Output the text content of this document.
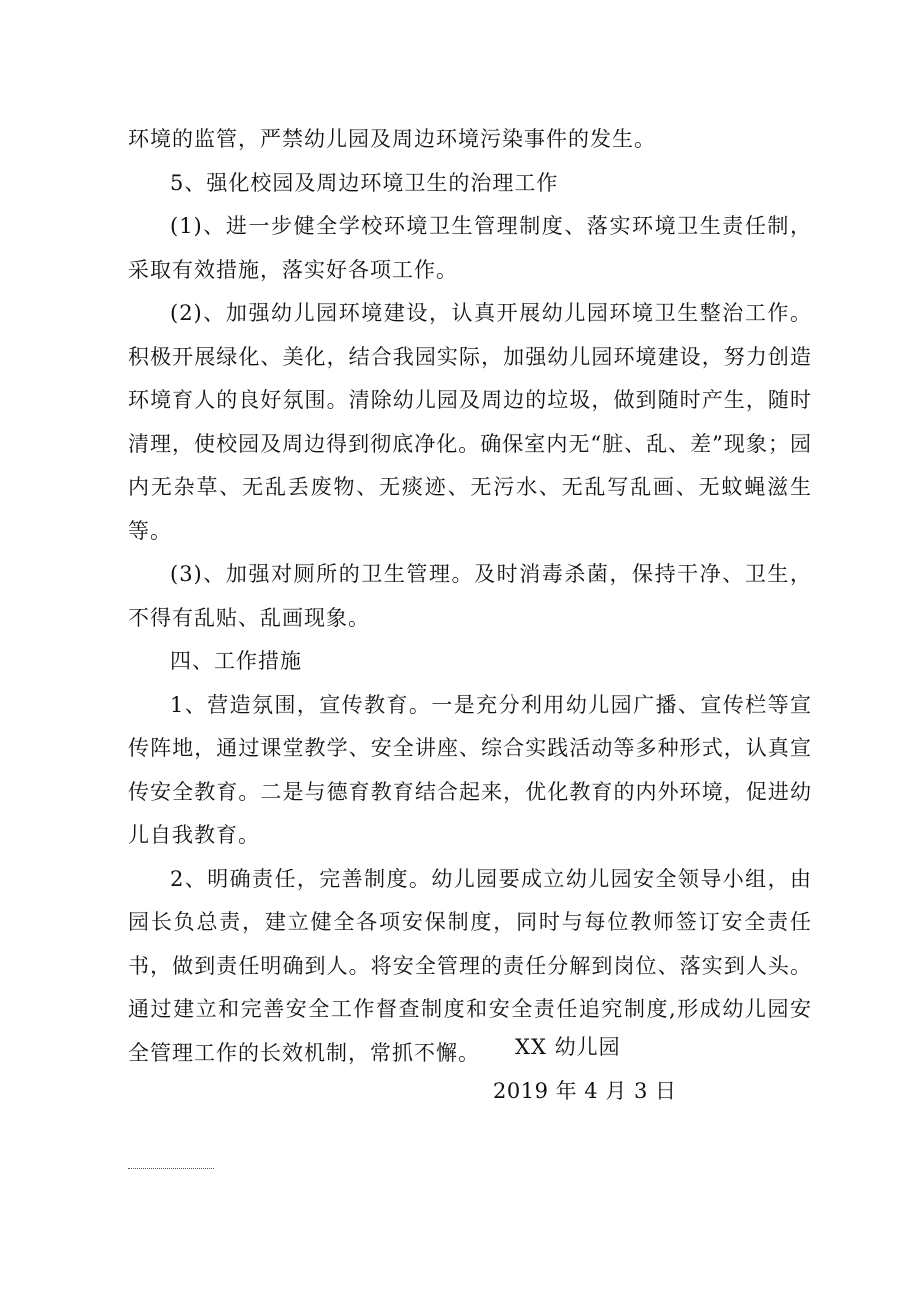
环境的监管，严禁幼儿园及周边环境污染事件的发生。

5、强化校园及周边环境卫生的治理工作

(1)、进一步健全学校环境卫生管理制度、落实环境卫生责任制，采取有效措施，落实好各项工作。

(2)、加强幼儿园环境建设，认真开展幼儿园环境卫生整治工作。积极开展绿化、美化，结合我园实际，加强幼儿园环境建设，努力创造环境育人的良好氛围。清除幼儿园及周边的垃圾，做到随时产生，随时清理，使校园及周边得到彻底净化。确保室内无“脏、乱、差”现象；园内无杂草、无乱丢废物、无痰迹、无污水、无乱写乱画、无蚊蝇滋生等。

(3)、加强对厕所的卫生管理。及时消毒杀菌，保持干净、卫生，不得有乱贴、乱画现象。

四、工作措施

1、营造氛围，宣传教育。一是充分利用幼儿园广播、宣传栏等宣传阵地，通过课堂教学、安全讲座、综合实践活动等多种形式，认真宣传安全教育。二是与德育教育结合起来，优化教育的内外环境，促进幼儿自我教育。

2、明确责任，完善制度。幼儿园要成立幼儿园安全领导小组，由园长负总责，建立健全各项安保制度，同时与每位教师签订安全责任书，做到责任明确到人。将安全管理的责任分解到岗位、落实到人头。通过建立和完善安全工作督查制度和安全责任追究制度,形成幼儿园安全管理工作的长效机制，常抓不懈。	XX 幼儿园
2019 年 4 月 3 日
